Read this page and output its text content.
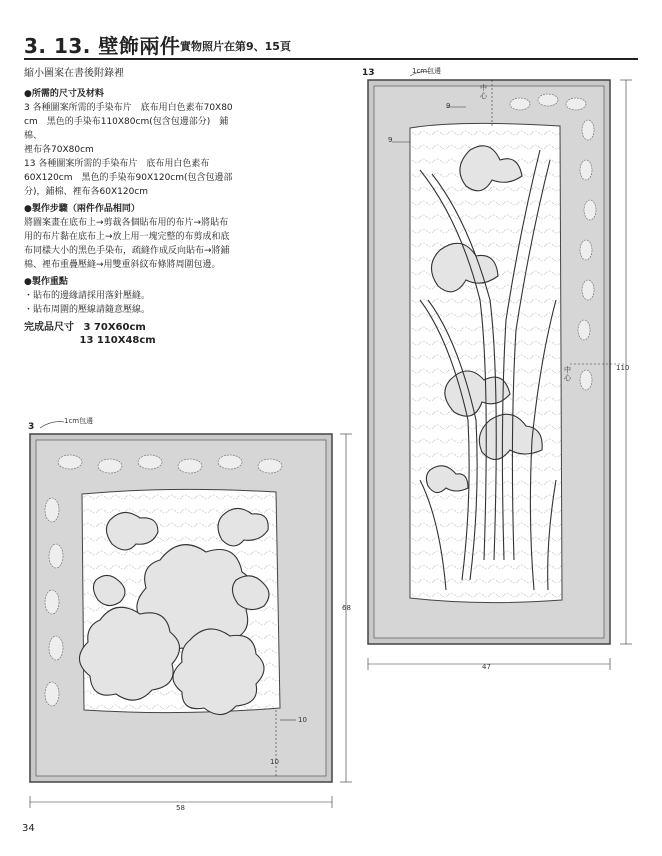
3. 13. 壁飾兩件 實物照片在第9、15頁

縮小圖案在書後附錄裡

●所需的尺寸及材料

3 各種圖案所需的手染布片　底布用白色素布70X80

cm　黑色的手染布110X80cm(包含包邊部分)　鋪棉、

裡布各70X80cm

13 各種圖案所需的手染布片　底布用白色素布

60X120cm　黑色的手染布90X120cm(包含包邊部

分)，鋪棉、裡布各60X120cm

●製作步驟（兩件作品相同）

將圖案畫在底布上→剪裁各個貼布用的布片→將貼布

用的布片黏在底布上→放上用一塊完整的布剪成和底

布同樣大小的黑色手染布，疏縫作成反向貼布→將鋪

棉、裡布重疊壓縫→用雙重斜紋布條將周圍包邊。

●製作重點

・貼布的邊緣請採用落針壓縫。

・貼布周圍的壓線請隨意壓線。

完成品尺寸 3 70X60cm

13 110X48cm

13	1cm包邊
中心
中心
9
9
110
47
3
1cm包邊
68
58
10
10
34
